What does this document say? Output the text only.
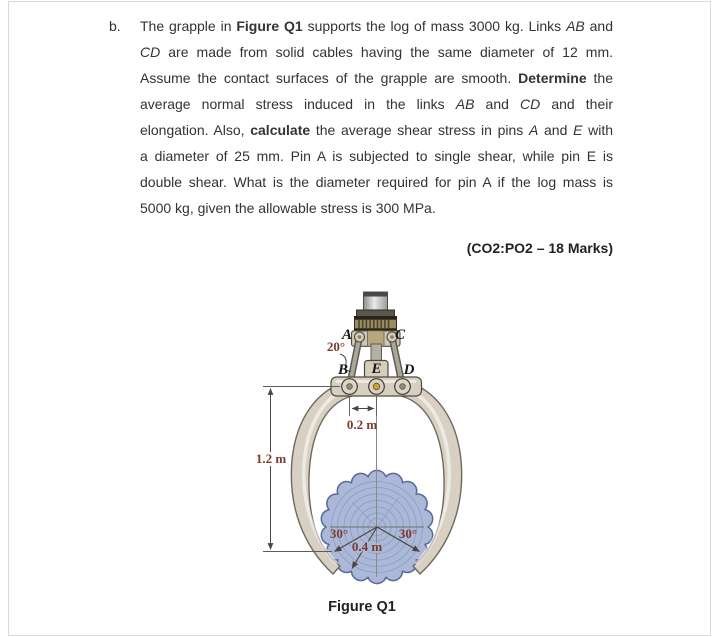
b. The grapple in Figure Q1 supports the log of mass 3000 kg. Links AB and
CD are made from solid cables having the same diameter of 12 mm.
Assume the contact surfaces of the grapple are smooth. Determine the
average normal stress induced in the links AB and CD and their
elongation. Also, calculate the average shear stress in pins A and E with
a diameter of 25 mm. Pin A is subjected to single shear, while pin E is
double shear. What is the diameter required for pin A if the log mass is
5000 kg, given the allowable stress is 300 MPa.
(CO2:PO2 – 18 Marks)
30°	30°
0.4 m
1.2 m
0.2 m
20°
A	C
B E D
Figure Q1
